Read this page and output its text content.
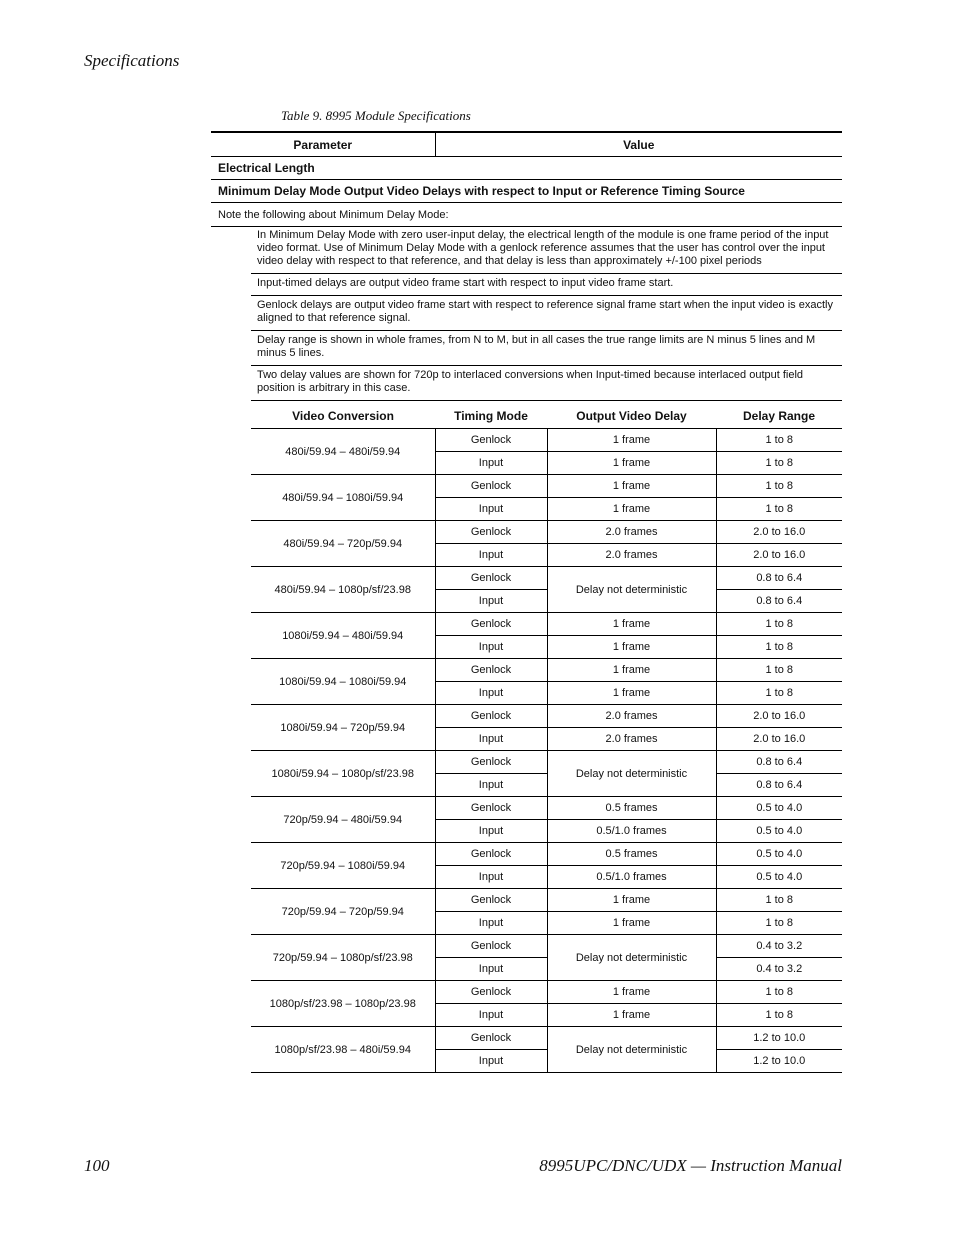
Specifications
Table 9. 8995 Module Specifications
Parameter	Value
Electrical Length
Minimum Delay Mode Output Video Delays with respect to Input or Reference Timing Source
Note the following about Minimum Delay Mode:
In Minimum Delay Mode with zero user-input delay, the electrical length of the module is one frame period of the input video format. Use of Minimum Delay Mode with a genlock reference assumes that the user has control over the input video delay with respect to that reference, and that delay is less than approximately +/-100 pixel periods
Input-timed delays are output video frame start with respect to input video frame start.
Genlock delays are output video frame start with respect to reference signal frame start when the input video is exactly aligned to that reference signal.
Delay range is shown in whole frames, from N to M, but in all cases the true range limits are N minus 5 lines and M minus 5 lines.
Two delay values are shown for 720p to interlaced conversions when Input-timed because interlaced output field position is arbitrary in this case.
Video Conversion	Timing Mode	Output Video Delay	Delay Range
480i/59.94 – 480i/59.94	Genlock	1 frame	1 to 8
	Input	1 frame	1 to 8
480i/59.94 – 1080i/59.94	Genlock	1 frame	1 to 8
	Input	1 frame	1 to 8
480i/59.94 – 720p/59.94	Genlock	2.0 frames	2.0 to 16.0
	Input	2.0 frames	2.0 to 16.0
480i/59.94 – 1080p/sf/23.98	Genlock	Delay not deterministic	0.8 to 6.4
	Input		0.8 to 6.4
1080i/59.94 – 480i/59.94	Genlock	1 frame	1 to 8
	Input	1 frame	1 to 8
1080i/59.94 – 1080i/59.94	Genlock	1 frame	1 to 8
	Input	1 frame	1 to 8
1080i/59.94 – 720p/59.94	Genlock	2.0 frames	2.0 to 16.0
	Input	2.0 frames	2.0 to 16.0
1080i/59.94 – 1080p/sf/23.98	Genlock	Delay not deterministic	0.8 to 6.4
	Input		0.8 to 6.4
720p/59.94 – 480i/59.94	Genlock	0.5 frames	0.5 to 4.0
	Input	0.5/1.0 frames	0.5 to 4.0
720p/59.94 – 1080i/59.94	Genlock	0.5 frames	0.5 to 4.0
	Input	0.5/1.0 frames	0.5 to 4.0
720p/59.94 – 720p/59.94	Genlock	1 frame	1 to 8
	Input	1 frame	1 to 8
720p/59.94 – 1080p/sf/23.98	Genlock	Delay not deterministic	0.4 to 3.2
	Input		0.4 to 3.2
1080p/sf/23.98 – 1080p/23.98	Genlock	1 frame	1 to 8
	Input	1 frame	1 to 8
1080p/sf/23.98 – 480i/59.94	Genlock	Delay not deterministic	1.2 to 10.0
	Input		1.2 to 10.0
100	8995UPC/DNC/UDX — Instruction Manual
